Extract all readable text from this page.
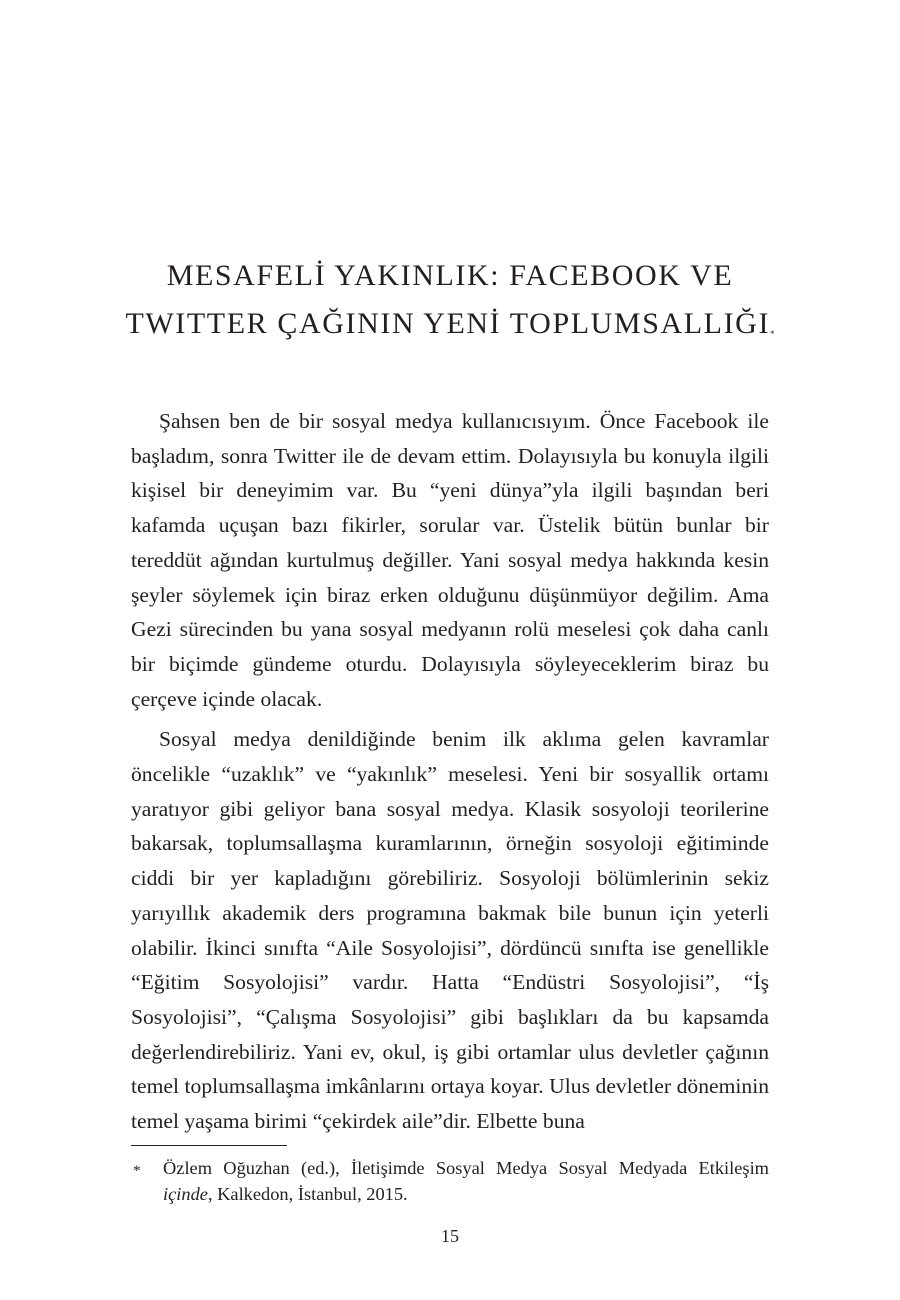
MESAFELİ YAKINLIK: FACEBOOK VE
TWITTER ÇAĞININ YENİ TOPLUMSALLIĞI*

Şahsen ben de bir sosyal medya kullanıcısıyım. Önce Facebook ile başladım, sonra Twitter ile de devam ettim. Dolayısıyla bu konuyla ilgili kişisel bir deneyimim var. Bu “yeni dünya”yla ilgili başından beri kafamda uçuşan bazı fikirler, sorular var. Üstelik bütün bunlar bir tereddüt ağından kurtulmuş değiller. Yani sosyal medya hakkında kesin şeyler söylemek için biraz erken olduğunu düşünmüyor değilim. Ama Gezi sürecinden bu yana sosyal medyanın rolü meselesi çok daha canlı bir biçimde gündeme oturdu. Dolayısıyla söyleyeceklerim biraz bu çerçeve içinde olacak.

Sosyal medya denildiğinde benim ilk aklıma gelen kavramlar öncelikle “uzaklık” ve “yakınlık” meselesi. Yeni bir sosyallik ortamı yaratıyor gibi geliyor bana sosyal medya. Klasik sosyoloji teorilerine bakarsak, toplumsallaşma kuramlarının, örneğin sosyoloji eğitiminde ciddi bir yer kapladığını görebiliriz. Sosyoloji bölümlerinin sekiz yarıyıllık akademik ders programına bakmak bile bunun için yeterli olabilir. İkinci sınıfta “Aile Sosyolojisi”, dördüncü sınıfta ise genellikle “Eğitim Sosyolojisi” vardır. Hatta “Endüstri Sosyolojisi”, “İş Sosyolojisi”, “Çalışma Sosyolojisi” gibi başlıkları da bu kapsamda değerlendirebiliriz. Yani ev, okul, iş gibi ortamlar ulus devletler çağının temel toplumsallaşma imkânlarını ortaya koyar. Ulus devletler döneminin temel yaşama birimi “çekirdek aile”dir. Elbette buna

* Özlem Oğuzhan (ed.), İletişimde Sosyal Medya Sosyal Medyada Etkileşim içinde, Kalkedon, İstanbul, 2015.
15
